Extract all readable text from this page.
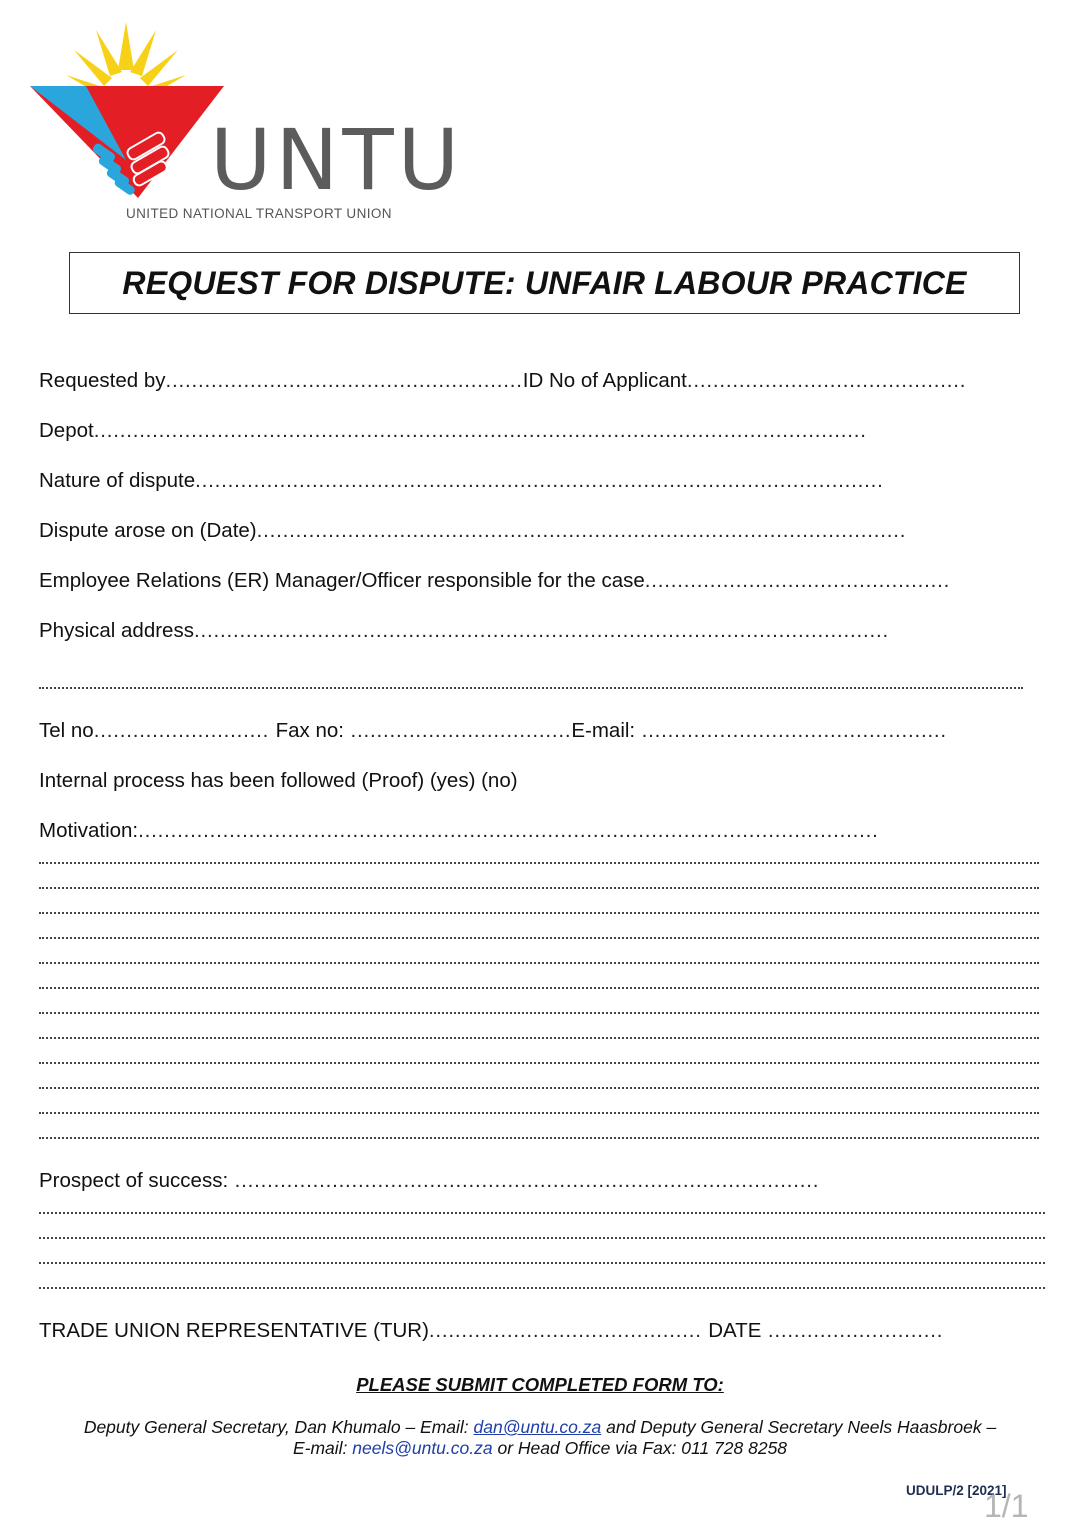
UNTU
UNITED NATIONAL TRANSPORT UNION
REQUEST FOR DISPUTE: UNFAIR LABOUR PRACTICE
Requested by.......................................................ID No of Applicant...........................................
Depot.......................................................................................................................
Nature of dispute..........................................................................................................
Dispute arose on (Date)....................................................................................................
Employee Relations (ER) Manager/Officer responsible for the case...............................................
Physical address...........................................................................................................
Tel no........................... Fax no: ..................................E-mail: ...............................................
Internal process has been followed (Proof) (yes) (no)
Motivation:..................................................................................................................
Prospect of success: ..........................................................................................
TRADE UNION REPRESENTATIVE (TUR).......................................... DATE ...........................
PLEASE SUBMIT COMPLETED FORM TO:
Deputy General Secretary, Dan Khumalo – Email: dan@untu.co.za and Deputy General Secretary Neels Haasbroek –
E-mail: neels@untu.co.za or Head Office via Fax: 011 728 8258
UDULP/2 [2021]
1/1
